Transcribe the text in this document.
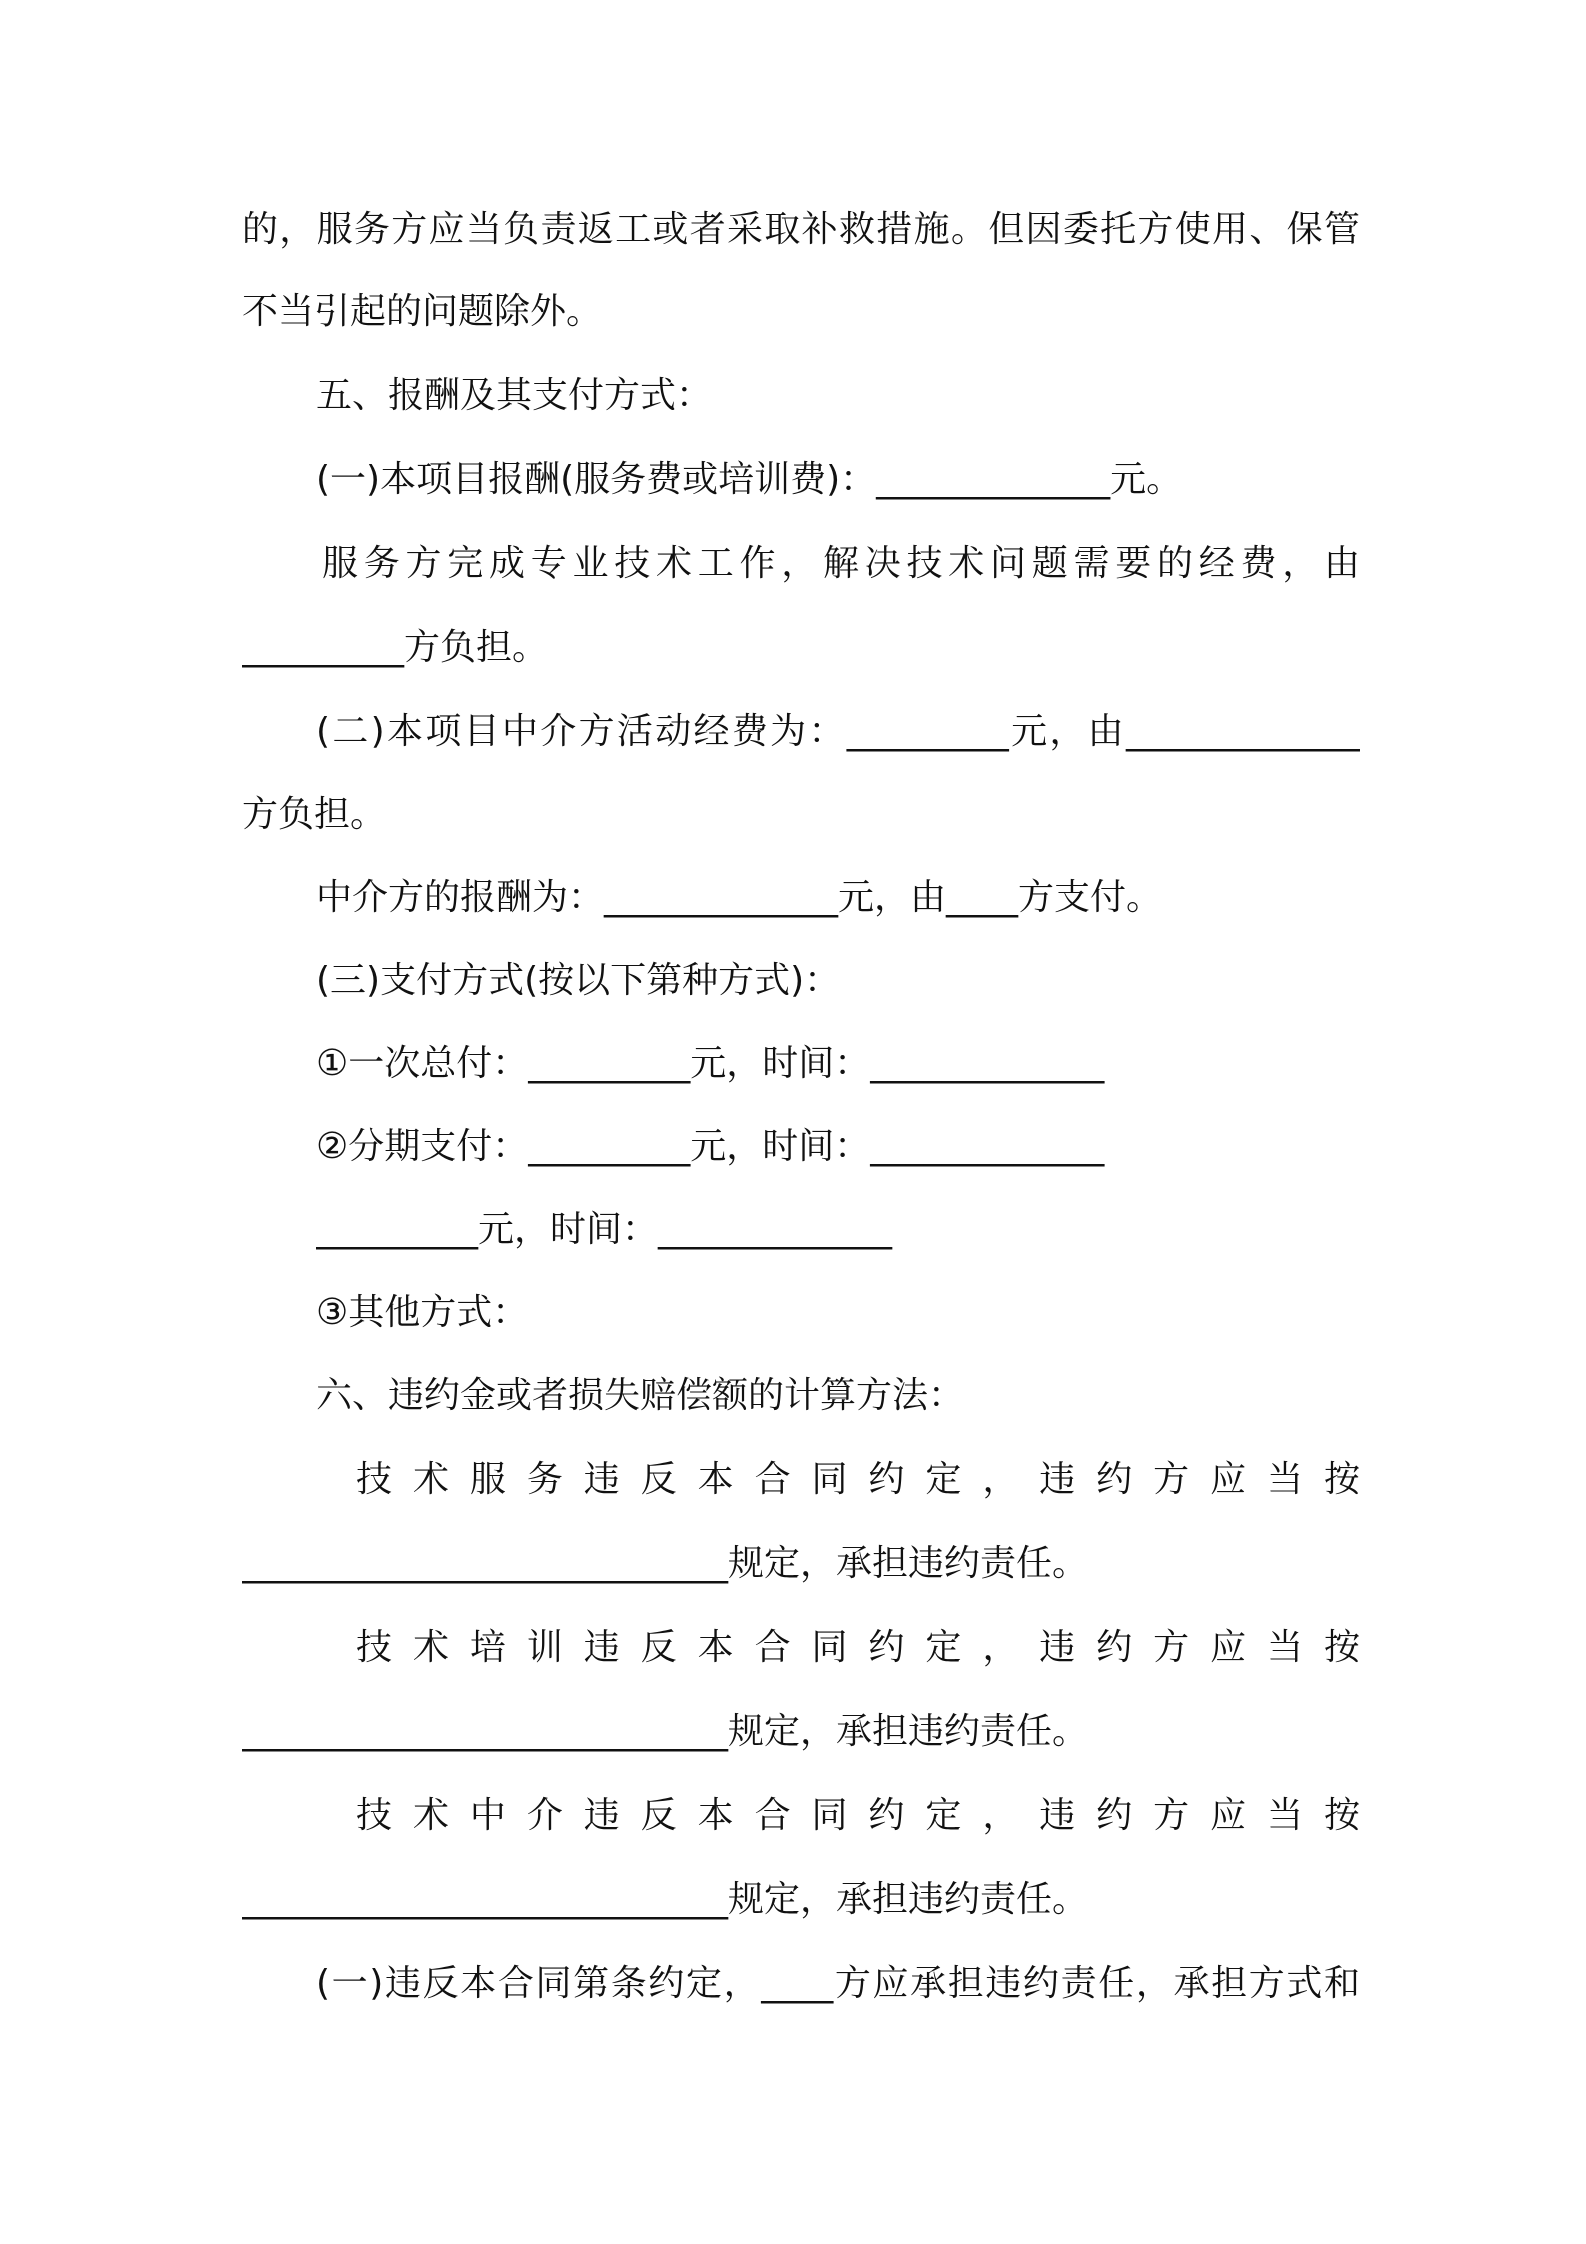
的，服务方应当负责返工或者采取补救措施。但因委托方使用、保管
不当引起的问题除外。
五、报酬及其支付方式：
(一)本项目报酬(服务费或培训费)：_____________元。
服务方完成专业技术工作，解决技术问题需要的经费，由
_________方负担。
(二)本项目中介方活动经费为：_________元，由_____________
方负担。
中介方的报酬为：_____________元，由____方支付。
(三)支付方式(按以下第种方式)：
①一次总付：_________元，时间：_____________
②分期支付：_________元，时间：_____________
_________元，时间：_____________
③其他方式：
六、违约金或者损失赔偿额的计算方法：
技 术 服 务 违 反 本 合 同 约 定 ， 违 约 方 应 当 按
___________________________规定，承担违约责任。
技 术 培 训 违 反 本 合 同 约 定 ， 违 约 方 应 当 按
___________________________规定，承担违约责任。
技 术 中 介 违 反 本 合 同 约 定 ， 违 约 方 应 当 按
___________________________规定，承担违约责任。
(一)违反本合同第条约定，____方应承担违约责任，承担方式和
